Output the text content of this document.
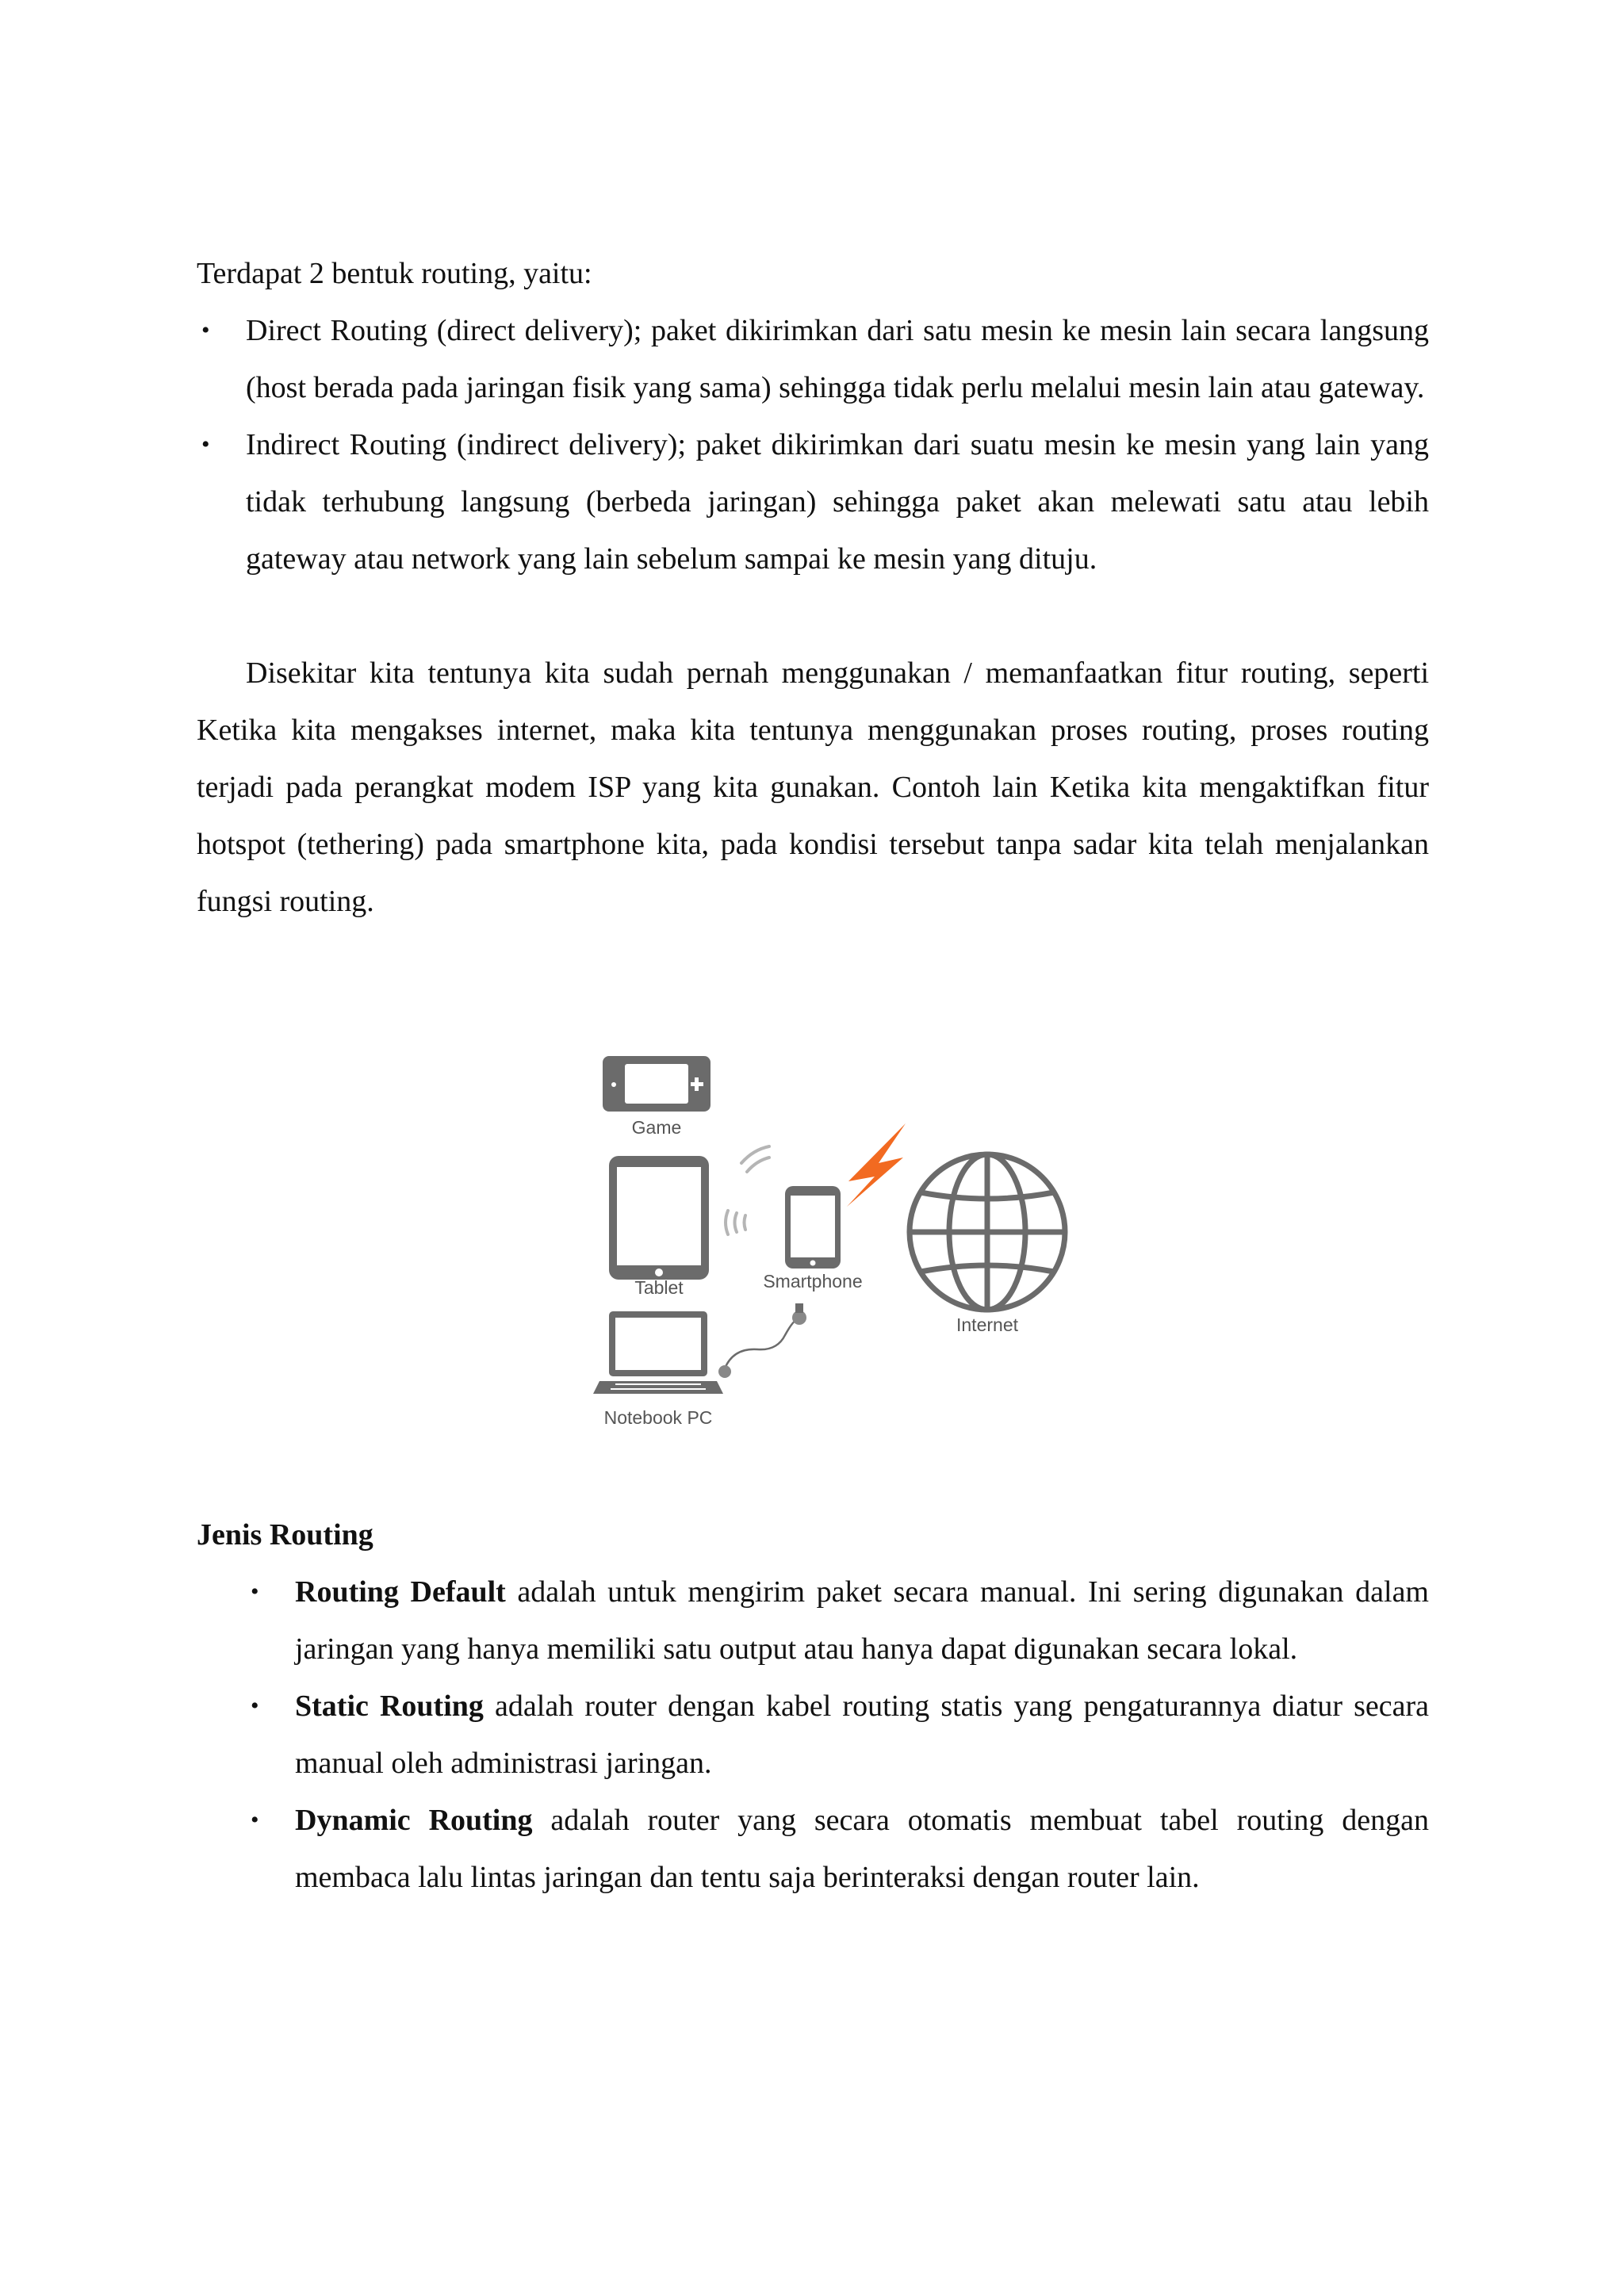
Terdapat 2 bentuk routing, yaitu:
• Direct Routing (direct delivery); paket dikirimkan dari satu mesin ke mesin lain secara langsung (host berada pada jaringan fisik yang sama) sehingga tidak perlu melalui mesin lain atau gateway.
• Indirect Routing (indirect delivery); paket dikirimkan dari suatu mesin ke mesin yang lain yang tidak terhubung langsung (berbeda jaringan) sehingga paket akan melewati satu atau lebih gateway atau network yang lain sebelum sampai ke mesin yang dituju.

Disekitar kita tentunya kita sudah pernah menggunakan / memanfaatkan fitur routing, seperti Ketika kita mengakses internet, maka kita tentunya menggunakan proses routing, proses routing terjadi pada perangkat modem ISP yang kita gunakan. Contoh lain Ketika kita mengaktifkan fitur hotspot (tethering) pada smartphone kita, pada kondisi tersebut tanpa sadar kita telah menjalankan fungsi routing.

Game
Tablet	Smartphone
Internet
Notebook PC

Jenis Routing

• Routing Default adalah untuk mengirim paket secara manual. Ini sering digunakan dalam jaringan yang hanya memiliki satu output atau hanya dapat digunakan secara lokal.
• Static Routing adalah router dengan kabel routing statis yang pengaturannya diatur secara manual oleh administrasi jaringan.
• Dynamic Routing adalah router yang secara otomatis membuat tabel routing dengan membaca lalu lintas jaringan dan tentu saja berinteraksi dengan router lain.
